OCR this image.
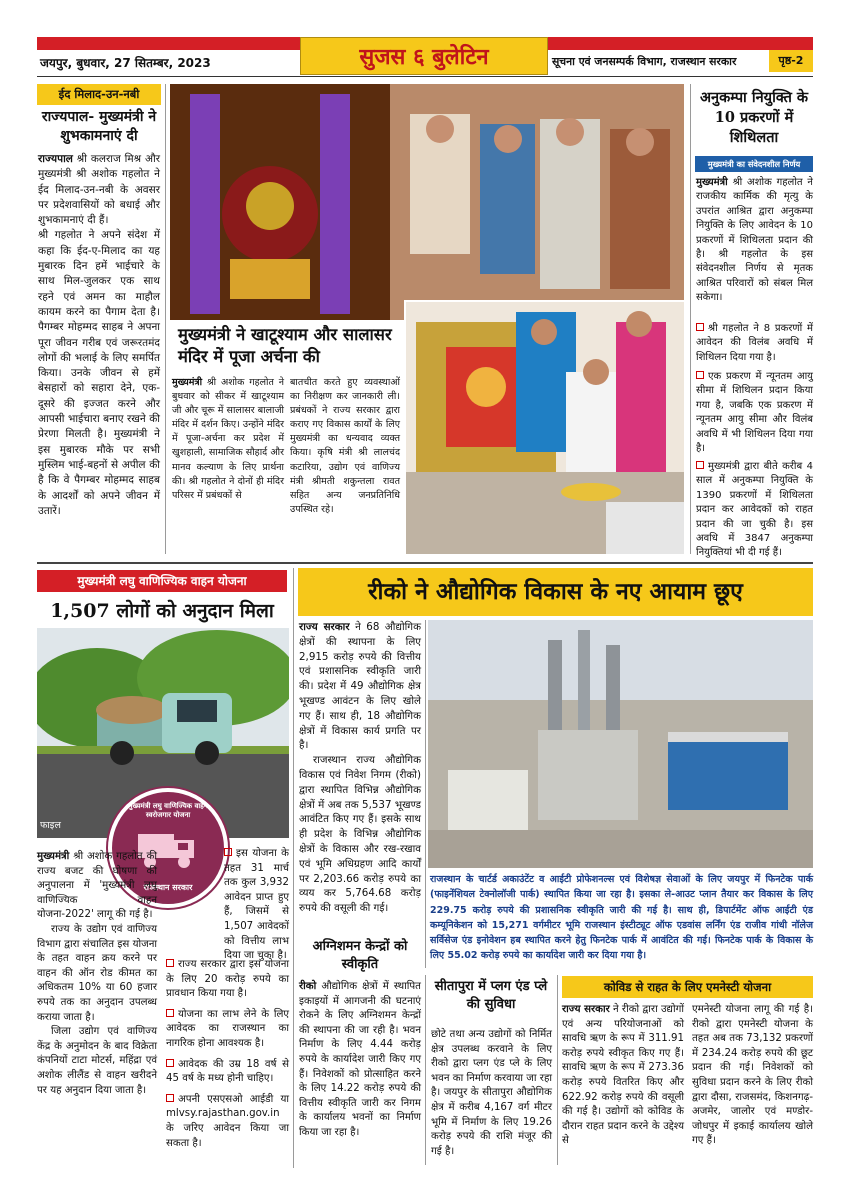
सुजस ६ बुलेटिन
जयपुर, बुधवार, 27 सितम्बर, 2023	सूचना एवं जनसम्पर्क विभाग, राजस्थान सरकार	पृष्ठ-2
ईद मिलाद-उन-नबी
राज्यपाल- मुख्यमंत्री ने शुभकामनाएं दी

राज्यपाल श्री कलराज मिश्र और मुख्यमंत्री श्री अशोक गहलोत ने ईद मिलाद-उन-नबी के अवसर पर प्रदेशवासियों को बधाई और शुभकामनाएं दी हैं।

श्री गहलोत ने अपने संदेश में कहा कि ईद-ए-मिलाद का यह मुबारक दिन हमें भाईचारे के साथ मिल-जुलकर एक साथ रहने एवं अमन का माहौल कायम करने का पैगाम देता है। पैगम्बर मोहम्मद साहब ने अपना पूरा जीवन गरीब एवं जरूरतमंद लोगों की भलाई के लिए समर्पित किया। उनके जीवन से हमें बेसहारों को सहारा देने, एक-दूसरे की इज्जत करने और आपसी भाईचारा बनाए रखने की प्रेरणा मिलती है। मुख्यमंत्री ने इस मुबारक मौके पर सभी मुस्लिम भाई-बहनों से अपील की है कि वे पैगम्बर मोहम्मद साहब के आदर्शों को अपने जीवन में उतारें।

मुख्यमंत्री ने खाटूश्याम और सालासर मंदिर में पूजा अर्चना की
मुख्यमंत्री श्री अशोक गहलोत ने बुधवार को सीकर में खाटूश्याम जी और चूरू में सालासर बालाजी मंदिर में दर्शन किए। उन्होंने मंदिर में पूजा-अर्चना कर प्रदेश में खुशहाली, सामाजिक सौहार्द और मानव कल्याण के लिए प्रार्थना की। श्री गहलोत ने दोनों ही मंदिर परिसर में प्रबंधकों से
बातचीत करते हुए व्यवस्थाओं का निरीक्षण कर जानकारी ली। प्रबंधकों ने राज्य सरकार द्वारा कराए गए विकास कार्यों के लिए मुख्यमंत्री का धन्यवाद व्यक्त किया। कृषि मंत्री श्री लालचंद कटारिया, उद्योग एवं वाणिज्य मंत्री श्रीमती शकुन्तला रावत सहित अन्य जनप्रतिनिधि उपस्थित रहे।
अनुकम्पा नियुक्ति के 10 प्रकरणों में शिथिलता
मुख्यमंत्री का संवेदनशील निर्णय
मुख्यमंत्री श्री अशोक गहलोत ने राजकीय कार्मिक की मृत्यु के उपरांत आश्रित द्वारा अनुकम्पा नियुक्ति के लिए आवेदन के 10 प्रकरणों में शिथिलता प्रदान की है। श्री गहलोत के इस संवेदनशील निर्णय से मृतक आश्रित परिवारों को संबल मिल सकेगा।
श्री गहलोत ने 8 प्रकरणों में आवेदन की विलंब अवधि में शिथिलन दिया गया है।
एक प्रकरण में न्यूनतम आयु सीमा में शिथिलन प्रदान किया गया है, जबकि एक प्रकरण में न्यूनतम आयु सीमा और विलंब अवधि में भी शिथिलन दिया गया है।
मुख्यमंत्री द्वारा बीते करीब 4 साल में अनुकम्पा नियुक्ति के 1390 प्रकरणों में शिथिलता प्रदान कर आवेदकों को राहत प्रदान की जा चुकी है। इस अवधि में 3847 अनुकम्पा नियुक्तियां भी दी गई हैं।
मुख्यमंत्री लघु वाणिज्यिक वाहन योजना
1,507 लोगों को अनुदान मिला
फाइल
मुख्यमंत्री लघु वाणिज्यिक वाहन स्वरोजगार योजना
राजस्थान सरकार

मुख्यमंत्री श्री अशोक गहलोत की राज्य बजट की घोषणा की अनुपालना में 'मुख्यमंत्री लघु वाणिज्यिक वाहन योजना-2022' लागू की गई है।

राज्य के उद्योग एवं वाणिज्य विभाग द्वारा संचालित इस योजना के तहत वाहन क्रय करने पर वाहन की ऑन रोड कीमत का अधिकतम 10% या 60 हजार रुपये तक का अनुदान उपलब्ध कराया जाता है।

जिला उद्योग एवं वाणिज्य केंद्र के अनुमोदन के बाद विक्रेता कंपनियों टाटा मोटर्स, महिंद्रा एवं अशोक लीलैंड से वाहन खरीदने पर यह अनुदान दिया जाता है।

इस योजना के तहत 31 मार्च तक कुल 3,932 आवेदन प्राप्त हुए हैं, जिसमें से 1,507 आवेदकों को वित्तीय लाभ दिया जा चुका है।

राज्य सरकार द्वारा इस योजना के लिए 20 करोड़ रुपये का प्रावधान किया गया है।

योजना का लाभ लेने के लिए आवेदक का राजस्थान का नागरिक होना आवश्यक है।

आवेदक की उम्र 18 वर्ष से 45 वर्ष के मध्य होनी चाहिए।

अपनी एसएसओ आईडी या mlvsy.rajasthan.gov.in के जरिए आवेदन किया जा सकता है।

रीको ने औद्योगिक विकास के नए आयाम छूए

राज्य सरकार ने 68 औद्योगिक क्षेत्रों की स्थापना के लिए 2,915 करोड़ रुपये की वित्तीय एवं प्रशासनिक स्वीकृति जारी की। प्रदेश में 49 औद्योगिक क्षेत्र भूखण्ड आवंटन के लिए खोले गए हैं। साथ ही, 18 औद्योगिक क्षेत्रों में विकास कार्य प्रगति पर है।

राजस्थान राज्य औद्योगिक विकास एवं निवेश निगम (रीको) द्वारा स्थापित विभिन्न औद्योगिक क्षेत्रों में अब तक 5,537 भूखण्ड आवंटित किए गए हैं। इसके साथ ही प्रदेश के विभिन्न औद्योगिक क्षेत्रों के विकास और रख-रखाव एवं भूमि अधिग्रहण आदि कार्यों पर 2,203.66 करोड़ रुपये का व्यय कर 5,764.68 करोड़ रुपये की वसूली की गई।

राजस्थान के चार्टर्ड अकाउंटेंट व आईटी प्रोफेशनल्स एवं विशेषज्ञ सेवाओं के लिए जयपुर में फिनटेक पार्क (फाइनेंशियल टेक्नोलॉजी पार्क) स्थापित किया जा रहा है। इसका ले-आउट प्लान तैयार कर विकास के लिए 229.75 करोड़ रुपये की प्रशासनिक स्वीकृति जारी की गई है। साथ ही, डिपार्टमेंट ऑफ आईटी एंड कम्यूनिकेशन को 15,271 वर्गमीटर भूमि राजस्थान इंस्टीट्यूट ऑफ एडवांस लर्निंग एंड राजीव गांधी नॉलेज सर्विसेज एंड इनोवेशन हब स्थापित करने हेतु फिनटेक पार्क में आवंटित की गई। फिनटेक पार्क के विकास के लिए 55.02 करोड़ रुपये का कार्यादेश जारी कर दिया गया है।
अग्निशमन केन्द्रों को स्वीकृति
रीको औद्योगिक क्षेत्रों में स्थापित इकाइयों में आगजनी की घटनाएं रोकने के लिए अग्निशमन केन्द्रों की स्थापना की जा रही है। भवन निर्माण के लिए 4.44 करोड़ रुपये के कार्यादेश जारी किए गए हैं। निवेशकों को प्रोत्साहित करने के लिए 14.22 करोड़ रुपये की वित्तीय स्वीकृति जारी कर निगम के कार्यालय भवनों का निर्माण किया जा रहा है।
सीतापुरा में प्लग एंड प्ले की सुविधा
छोटे तथा अन्य उद्योगों को निर्मित क्षेत्र उपलब्ध करवाने के लिए रीको द्वारा प्लग एंड प्ले के लिए भवन का निर्माण करवाया जा रहा है। जयपुर के सीतापुरा औद्योगिक क्षेत्र में करीब 4,167 वर्ग मीटर भूमि में निर्माण के लिए 19.26 करोड़ रुपये की राशि मंजूर की गई है।
कोविड से राहत के लिए एमनेस्टी योजना
राज्य सरकार ने रीको द्वारा उद्योगों एवं अन्य परियोजनाओं को सावधि ऋण के रूप में 311.91 करोड़ रुपये स्वीकृत किए गए हैं। सावधि ऋण के रूप में 273.36 करोड़ रुपये वितरित किए और 622.92 करोड़ रुपये की वसूली की गई है। उद्योगों को कोविड के दौरान राहत प्रदान करने के उद्देश्य से
एमनेस्टी योजना लागू की गई है। रीको द्वारा एमनेस्टी योजना के तहत अब तक 73,132 प्रकरणों में 234.24 करोड़ रुपये की छूट प्रदान की गई। निवेशकों को सुविधा प्रदान करने के लिए रीको द्वारा दौसा, राजसमंद, किशनगढ़- अजमेर, जालोर एवं मण्डोर- जोधपुर में इकाई कार्यालय खोले गए हैं।
